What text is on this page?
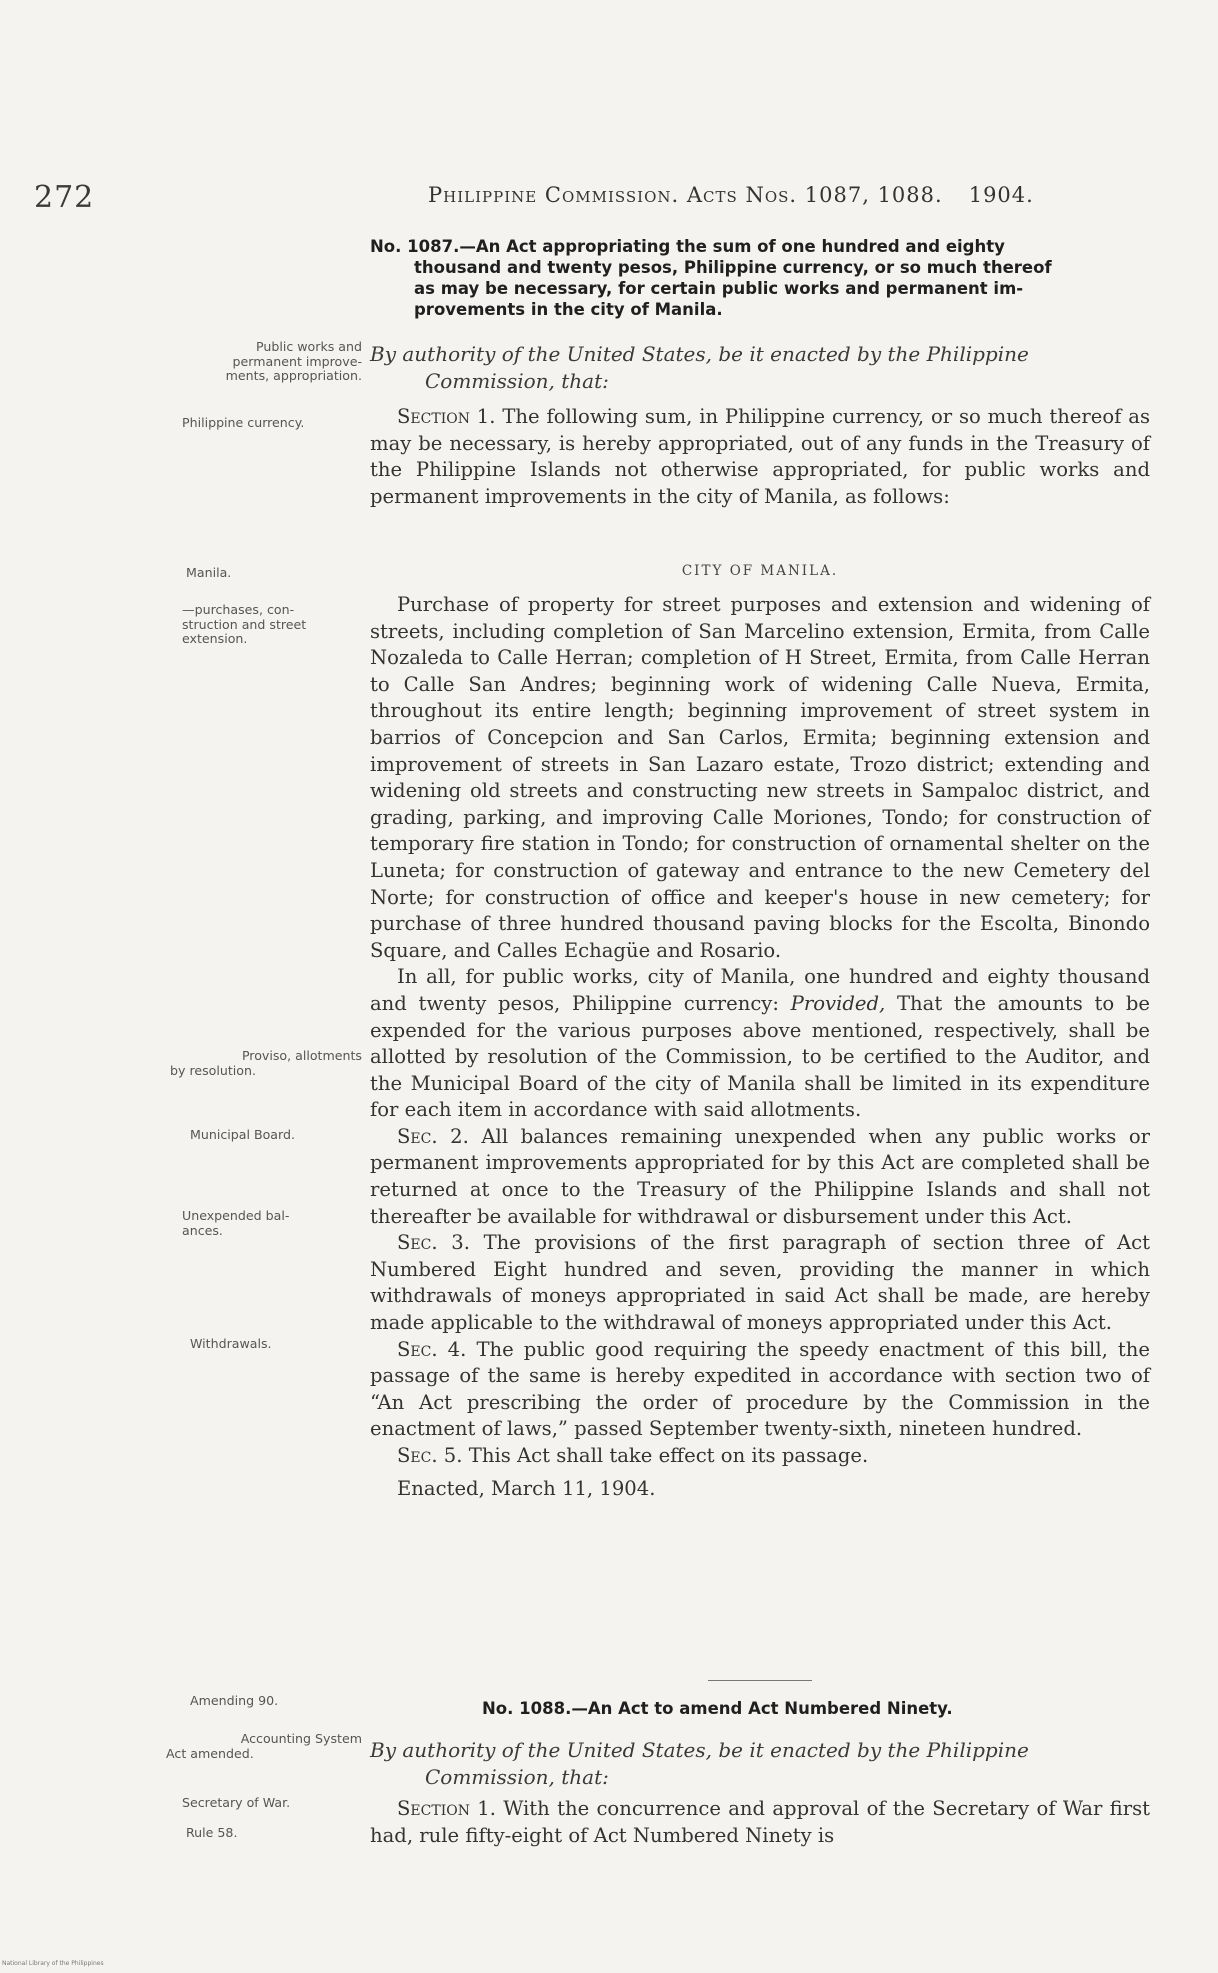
272	Philippine Commission. Acts Nos. 1087, 1088. 1904.
No. 1087.—An Act appropriating the sum of one hundred and eighty
thousand and twenty pesos, Philippine currency, or so much thereof
as may be necessary, for certain public works and permanent im-
provements in the city of Manila.
By authority of the United States, be it enacted by the Philippine
Commission, that:

Section 1. The following sum, in Philippine currency, or so much thereof as may be necessary, is hereby appropriated, out of any funds in the Treasury of the Philippine Islands not otherwise appropriated, for public works and permanent improvements in the city of Manila, as follows:

CITY OF MANILA.

Purchase of property for street purposes and extension and widening of streets, including completion of San Marcelino extension, Ermita, from Calle Nozaleda to Calle Herran; completion of H Street, Ermita, from Calle Herran to Calle San Andres; beginning work of widening Calle Nueva, Ermita, throughout its entire length; beginning improvement of street system in barrios of Concepcion and San Carlos, Ermita; beginning extension and improvement of streets in San Lazaro estate, Trozo district; extending and widening old streets and constructing new streets in Sampaloc district, and grading, parking, and improving Calle Moriones, Tondo; for construction of temporary fire station in Tondo; for construction of ornamental shelter on the Luneta; for construction of gateway and entrance to the new Cemetery del Norte; for construction of office and keeper's house in new cemetery; for purchase of three hundred thousand paving blocks for the Escolta, Binondo Square, and Calles Echagüe and Rosario.

In all, for public works, city of Manila, one hundred and eighty thousand and twenty pesos, Philippine currency: Provided, That the amounts to be expended for the various purposes above mentioned, respectively, shall be allotted by resolution of the Commission, to be certified to the Auditor, and the Municipal Board of the city of Manila shall be limited in its expenditure for each item in accordance with said allotments.

Sec. 2. All balances remaining unexpended when any public works or permanent improvements appropriated for by this Act are completed shall be returned at once to the Treasury of the Philippine Islands and shall not thereafter be available for withdrawal or disbursement under this Act.

Sec. 3. The provisions of the first paragraph of section three of Act Numbered Eight hundred and seven, providing the manner in which withdrawals of moneys appropriated in said Act shall be made, are hereby made applicable to the withdrawal of moneys appropriated under this Act.

Sec. 4. The public good requiring the speedy enactment of this bill, the passage of the same is hereby expedited in accordance with section two of “An Act prescribing the order of procedure by the Commission in the enactment of laws,” passed September twenty-sixth, nineteen hundred.

Sec. 5. This Act shall take effect on its passage.

Enacted, March 11, 1904.

No. 1088.—An Act to amend Act Numbered Ninety.
By authority of the United States, be it enacted by the Philippine
Commission, that:

Section 1. With the concurrence and approval of the Secretary of War first had, rule fifty-eight of Act Numbered Ninety is

Public works and
permanent improve-
ments, appropriation.
Philippine currency.
Manila.
—purchases, con-
struction and street
extension.
Proviso, allotments
by resolution.
Municipal Board.
Unexpended bal-
ances.
Withdrawals.
Amending 90.
Accounting System
Act amended.
Secretary of War.
Rule 58.
National Library of the Philippines
